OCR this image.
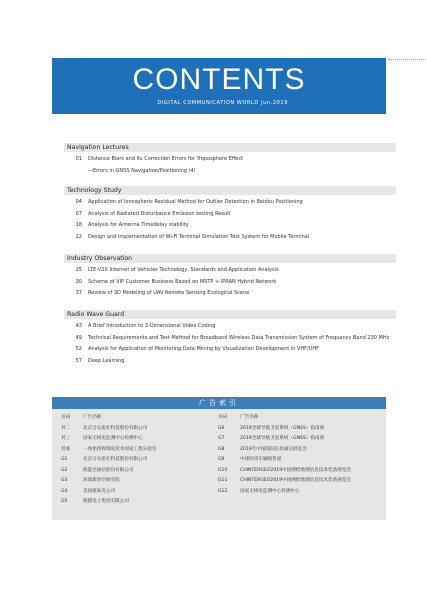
CONTENTS
DIGITAL COMMUNICATION WORLD Jun.2019
Navigation Lectures
01 Distance Biars and Its Correction Errors for Troposphere Effect
—Errors in GNSS Navigation/Positioning (4)
Technology Study
04 Application of Ionospheric Residual Method for Outlier Detection in Beidou Positioning
07 Analysis of Radiated Disturbance Emission testing Result
18 Analysis for Antenna Timedelay stability
22 Design and Implementation of Wi-Fi Terminal Simulation Test System for Mobile Terminal
Industry Observation
25 LTE-V2X Internet of Vehicles Technology, Standards and Application Analysis
30 Scheme of VIP Customer Business Based on MSTP + IPRAN Hybrid Network
37 Review of 3D Modeling of UAV Remote Sensing Ecological Scene
Radio Wave Guard
43 A Brief Introduction to 3-Dimensional Video Coding
49 Technical Requirements and Test Method for Broadband Wireless Data Transmission System of Frequency Band 230 MHz
52 Analysis for Application of Monitoring Data Mining by Visualization Development in VHF/UHF
57 Deep Learning
广告索引
页码	广告名称
封二	北京合众思壮科技股份有限公司
封三	国家无线电监测中心检测中心
封底	一体化指挥调度技术国家工程实验室
G1	北京合众思壮科技股份有限公司
G2	海能达通信股份有限公司
G3	环球新时空研究院
G4	美国康泰克公司
G5	熊猫电子集团有限公司
页码	广告名称
G6	2019全球导航卫星系统（GNSS）指南册
G7	2019全球导航卫星系统（GNSS）指南册
G8	2019年中国国际信息通信展览会
G9	中津药用车辆销售量
G10	CHINTERGEO2019中国测绘地理信息技术装备展览会
G11	CHINTERGEO2019中国测绘地理信息技术装备展览会
G12	国家无线电监测中心检测中心
